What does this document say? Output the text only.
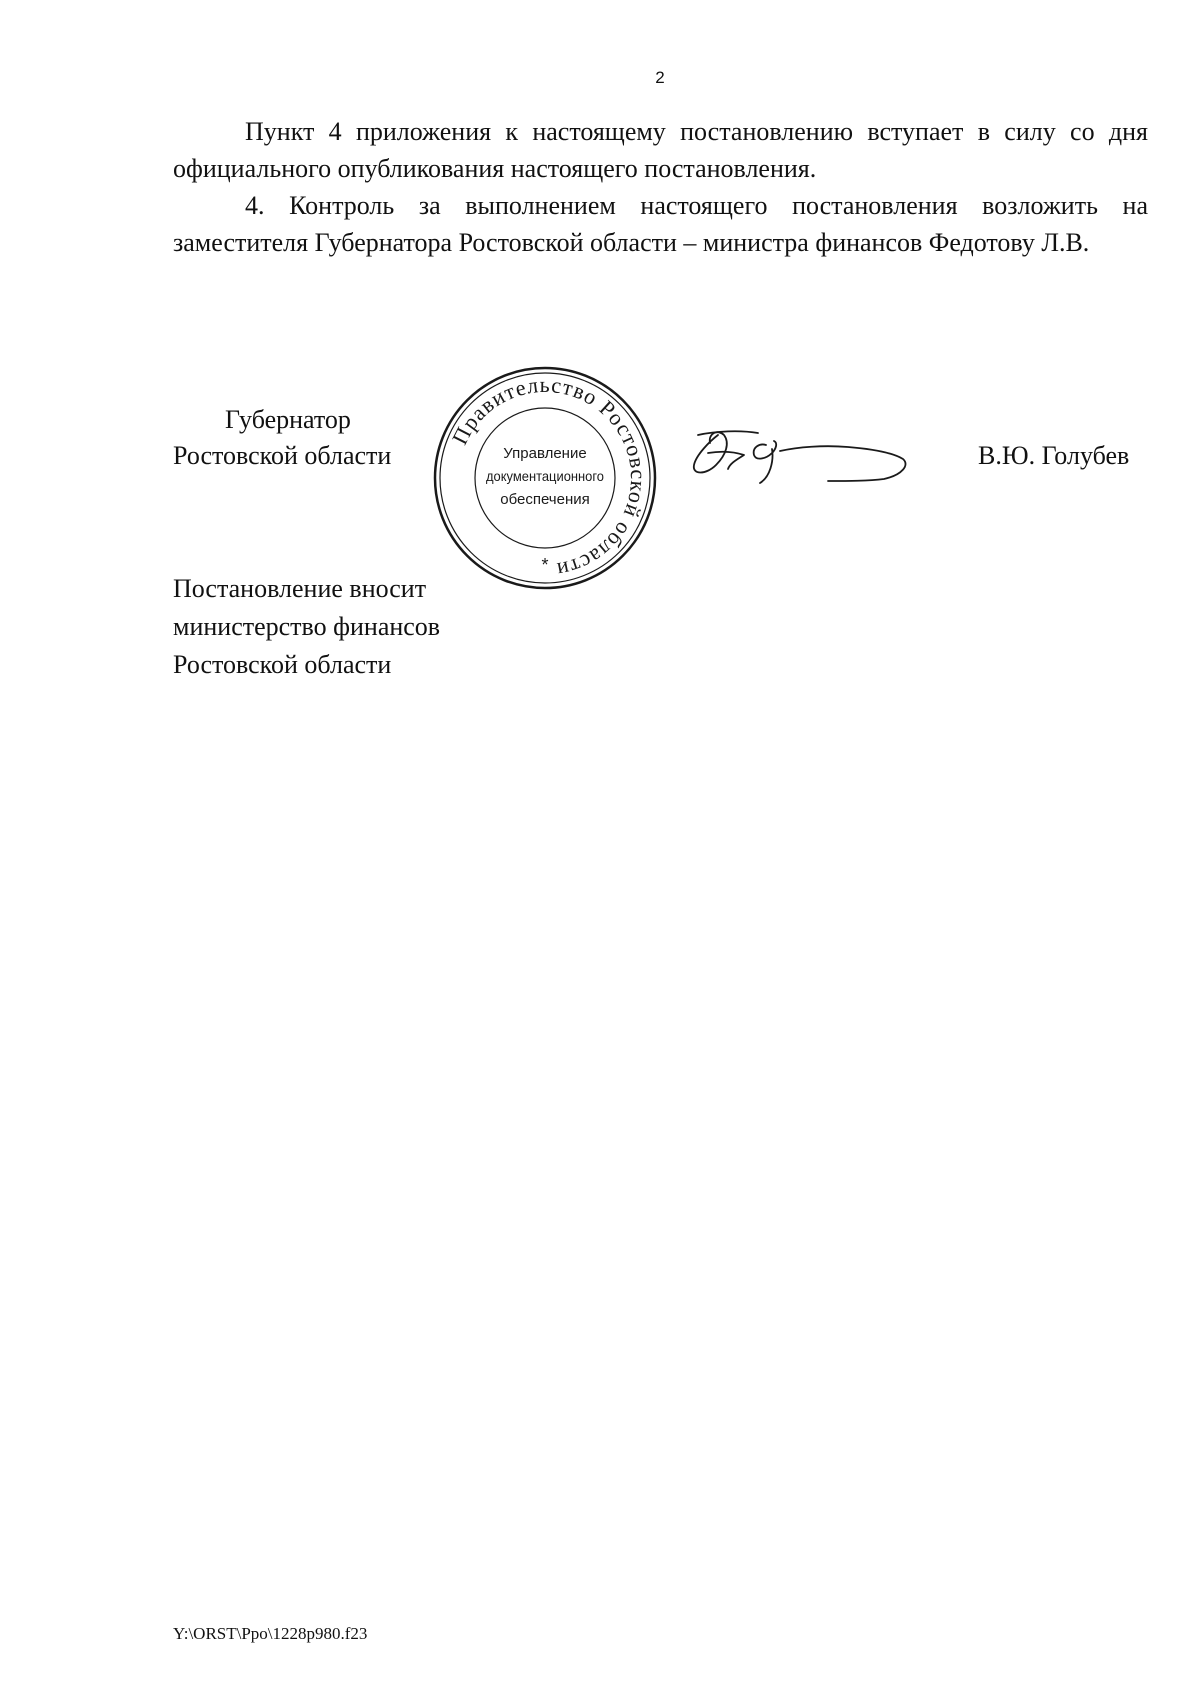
2

Пункт 4 приложения к настоящему постановлению вступает в силу со дня официального опубликования настоящего постановления.

4. Контроль за выполнением настоящего постановления возложить на заместителя Губернатора Ростовской области – министра финансов Федотову Л.В.

Губернатор
Ростовской области
Правительство Ростовской области
Управление
документационного
обеспечения
*
В.Ю. Голубев
Постановление вносит
министерство финансов
Ростовской области
Y:\ORST\Ppo\1228p980.f23
